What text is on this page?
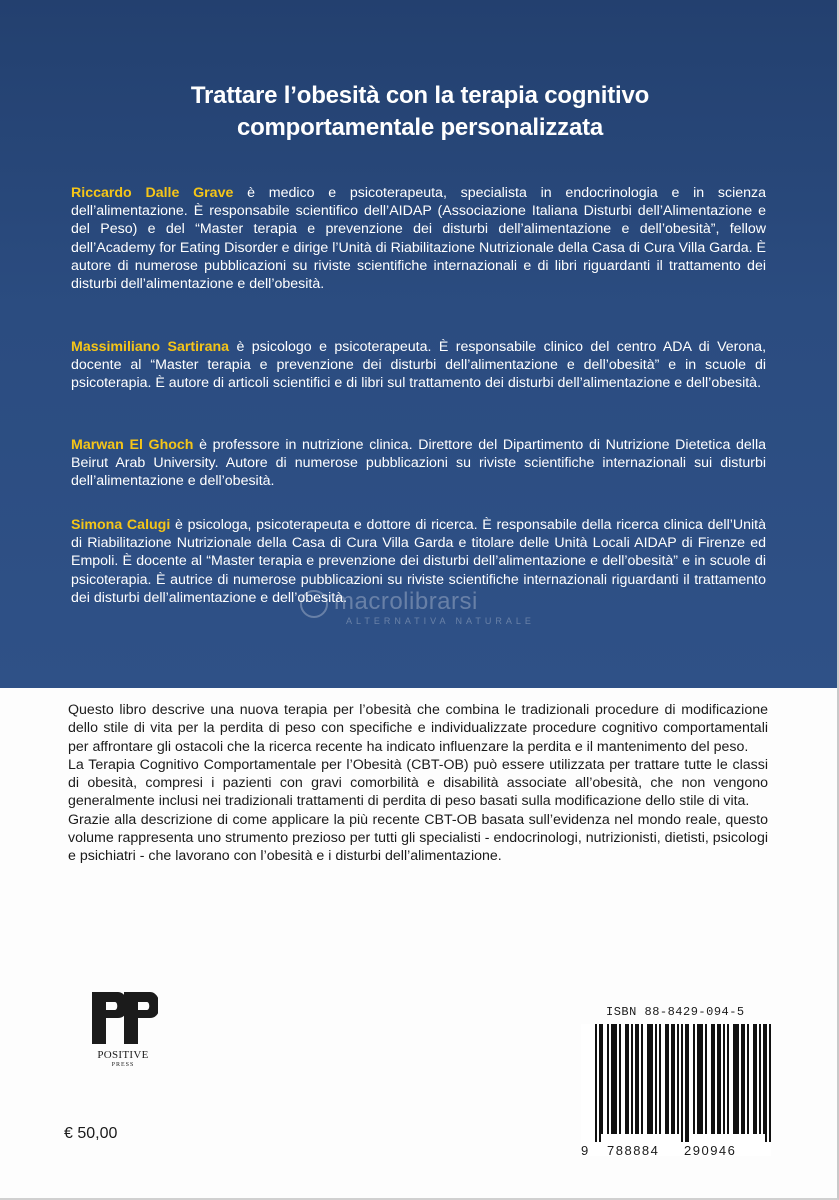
Trattare l’obesità con la terapia cognitivo
comportamentale personalizzata
Riccardo Dalle Grave è medico e psicoterapeuta, specialista in endocrinologia e in scienza dell’alimentazione. È responsabile scientifico dell’AIDAP (Associazione Italiana Disturbi dell’Alimentazione e del Peso) e del “Master terapia e prevenzione dei disturbi dell’alimentazione e dell’obesità”, fellow dell’Academy for Eating Disorder e dirige l’Unità di Riabilitazione Nutrizionale della Casa di Cura Villa Garda. È autore di numerose pubblicazioni su riviste scientifiche internazionali e di libri riguardanti il trattamento dei disturbi dell’alimentazione e dell’obesità.
Massimiliano Sartirana è psicologo e psicoterapeuta. È responsabile clinico del centro ADA di Verona, docente al “Master terapia e prevenzione dei disturbi dell’alimentazione e dell’obesità” e in scuole di psicoterapia. È autore di articoli scientifici e di libri sul trattamento dei disturbi dell’alimentazione e dell’obesità.
Marwan El Ghoch è professore in nutrizione clinica. Direttore del Dipartimento di Nutrizione Dietetica della Beirut Arab University. Autore di numerose pubblicazioni su riviste scientifiche internazionali sui disturbi dell’alimentazione e dell’obesità.
Simona Calugi è psicologa, psicoterapeuta e dottore di ricerca. È responsabile della ricerca clinica dell’Unità di Riabilitazione Nutrizionale della Casa di Cura Villa Garda e titolare delle Unità Locali AIDAP di Firenze ed Empoli. È docente al “Master terapia e prevenzione dei disturbi dell’alimentazione e dell’obesità” e in scuole di psicoterapia. È autrice di numerose pubblicazioni su riviste scientifiche internazionali riguardanti il trattamento dei disturbi dell’alimentazione e dell’obesità.
macrolibrarsi
ALTERNATIVA NATURALE

Questo libro descrive una nuova terapia per l’obesità che combina le tradizionali procedure di modificazione dello stile di vita per la perdita di peso con specifiche e individualizzate procedure cognitivo comportamentali per affrontare gli ostacoli che la ricerca recente ha indicato influenzare la perdita e il mantenimento del peso.

La Terapia Cognitivo Comportamentale per l’Obesità (CBT-OB) può essere utilizzata per trattare tutte le classi di obesità, compresi i pazienti con gravi comorbilità e disabilità associate all’obesità, che non vengono generalmente inclusi nei tradizionali trattamenti di perdita di peso basati sulla modificazione dello stile di vita.

Grazie alla descrizione di come applicare la più recente CBT-OB basata sull’evidenza nel mondo reale, questo volume rappresenta uno strumento prezioso per tutti gli specialisti - endocrinologi, nutrizionisti, dietisti, psicologi e psichiatri - che lavorano con l’obesità e i disturbi dell’alimentazione.

POSITIVE
PRESS
€ 50,00
ISBN 88-8429-094-5
9 788884 290946
